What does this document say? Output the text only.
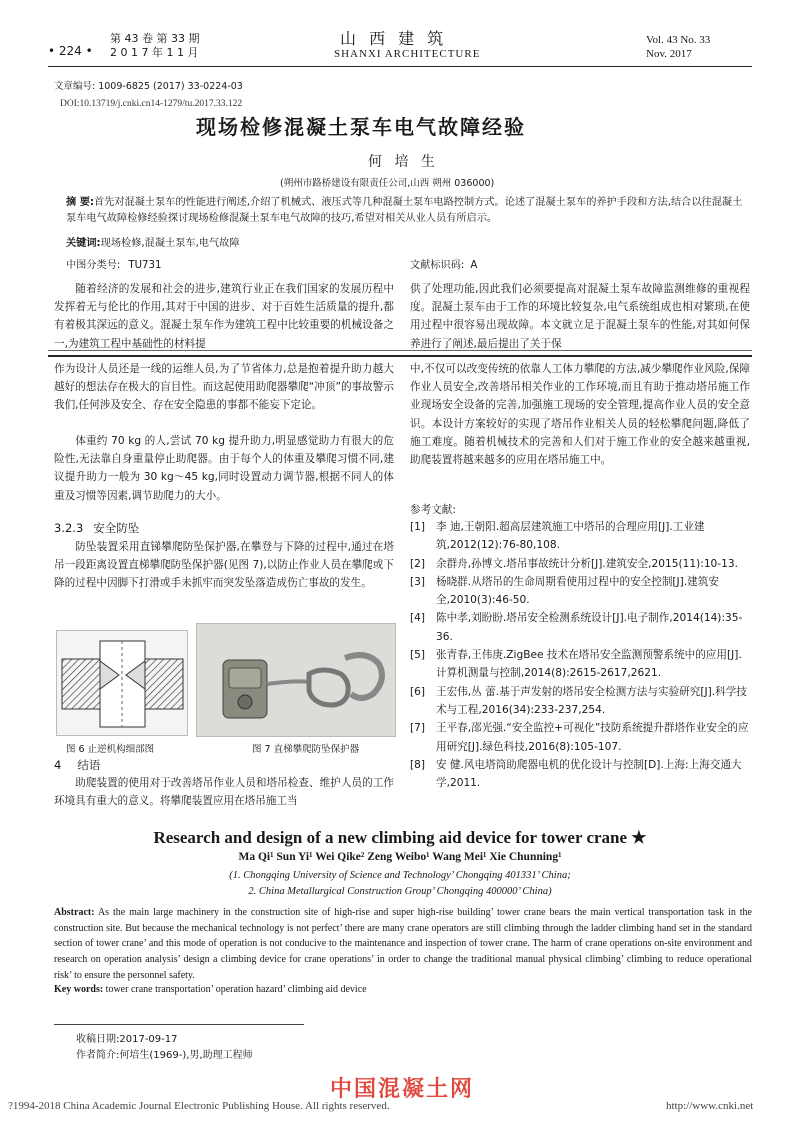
• 224 •
第 43 卷 第 33 期
2 0 1 7 年 1 1 月
山 西 建 筑
SHANXI ARCHITECTURE
Vol. 43 No. 33
Nov. 2017
文章编号: 1009-6825 (2017) 33-0224-03
DOI:10.13719/j.cnki.cn14-1279/tu.2017.33.122
现场检修混凝土泵车电气故障经验
何 培 生
(朔州市路桥建设有限责任公司,山西 朔州 036000)
摘 要:首先对混凝土泵车的性能进行阐述,介绍了机械式、液压式等几种混凝土泵车电路控制方式。论述了混凝土泵车的养护手段和方法,结合以往混凝土泵车电气故障检修经验探讨现场检修混凝土泵车电气故障的技巧,希望对相关从业人员有所启示。
关键词:现场检修,混凝土泵车,电气故障
中图分类号: TU731	文献标识码: A
随着经济的发展和社会的进步,建筑行业正在我们国家的发展历程中发挥着无与伦比的作用,其对于中国的进步、对于百姓生活质量的提升,都有着极其深远的意义。混凝土泵车作为建筑工程中比较重要的机械设备之一,为建筑工程中基础性的材料提
供了处理功能,因此我们必须要提高对混凝土泵车故障监测维修的重视程度。混凝土泵车由于工作的环境比较复杂,电气系统组成也相对繁琐,在使用过程中很容易出现故障。本文就立足于混凝土泵车的性能,对其如何保养进行了阐述,最后提出了关于保
作为设计人员还是一线的运维人员,为了节省体力,总是抱着提升助力越大越好的想法存在极大的盲目性。而这起使用助爬器攀爬“冲顶”的事故警示我们,任何涉及安全、存在安全隐患的事都不能妄下定论。
体重约 70 kg 的人,尝试 70 kg 提升助力,明显感觉助力有很大的危险性,无法靠自身重量停止助爬器。由于每个人的体重及攀爬习惯不同,建议提升助力一般为 30 kg～45 kg,同时设置动力调节器,根据不同人的体重及习惯等因素,调节助爬力的大小。
3.2.3 安全防坠
防坠装置采用直锑攀爬防坠保护器,在攀登与下降的过程中,通过在塔吊一段距离设置直梯攀爬防坠保护器(见图 7),以防止作业人员在攀爬或下降的过程中因脚下打滑或手未抓牢而突发坠落造成伤亡事故的发生。
图 6 止逆机构细部图	图 7 直梯攀爬防坠保护器
4 结语
助爬装置的使用对于改善塔吊作业人员和塔吊检查、维护人员的工作环境具有重大的意义。将攀爬装置应用在塔吊施工当
中,不仅可以改变传统的依靠人工体力攀爬的方法,减少攀爬作业风险,保障作业人员安全,改善塔吊相关作业的工作环境,而且有助于推动塔吊施工作业现场安全设备的完善,加强施工现场的安全管理,提高作业人员的安全意识。本设计方案较好的实现了塔吊作业相关人员的轻松攀爬问题,降低了施工难度。随着机械技术的完善和人们对于施工作业的安全越来越重视,助爬装置将越来越多的应用在塔吊施工中。
参考文献:
[1]	李 迪,王朝阳.超高层建筑施工中塔吊的合理应用[J].工业建筑,2012(12):76-80,108.
[2]	余群舟,孙博文.塔吊事故统计分析[J].建筑安全,2015(11):10-13.
[3]	杨晓群.从塔吊的生命周期看使用过程中的安全控制[J].建筑安全,2010(3):46-50.
[4]	陈中孝,刘盼盼.塔吊安全检测系统设计[J].电子制作,2014(14):35-36.
[5]	张青春,王伟庚.ZigBee 技术在塔吊安全监测预警系统中的应用[J].计算机测量与控制,2014(8):2615-2617,2621.
[6]	王宏伟,丛 蕾.基于声发射的塔吊安全检测方法与实验研究[J].科学技术与工程,2016(34):233-237,254.
[7]	王平春,邵光强.“安全监控+可视化”技防系统提升群塔作业安全的应用研究[J].绿色科技,2016(8):105-107.
[8]	安 健.风电塔筒助爬器电机的优化设计与控制[D].上海:上海交通大学,2011.
Research and design of a new climbing aid device for tower crane ★
Ma Qi¹ Sun Yi¹ Wei Qike² Zeng Weibo¹ Wang Mei¹ Xie Chunning¹
(1. Chongqing University of Science and Technology’ Chongqing 401331’ China;
2. China Metallurgical Construction Group’ Chongqing 400000’ China)
Abstract: As the main large machinery in the construction site of high-rise and super high-rise building’ tower crane bears the main vertical transportation task in the construction site. But because the mechanical technology is not perfect’ there are many crane operators are still climbing through the ladder climbing hand set in the standard section of tower crane’ and this mode of operation is not conducive to the maintenance and inspection of tower crane. The harm of crane operations on-site environment and research on operation analysis’ design a climbing device for crane operations’ in order to change the traditional manual physical climbing’ climbing to reduce operational risk’ to ensure the personnel safety.
Key words: tower crane transportation’ operation hazard’ climbing aid device
收稿日期:2017-09-17
作者简介:何培生(1969-),男,助理工程师
中国混凝土网
?1994-2018 China Academic Journal Electronic Publishing House. All rights reserved.	http://www.cnki.net
